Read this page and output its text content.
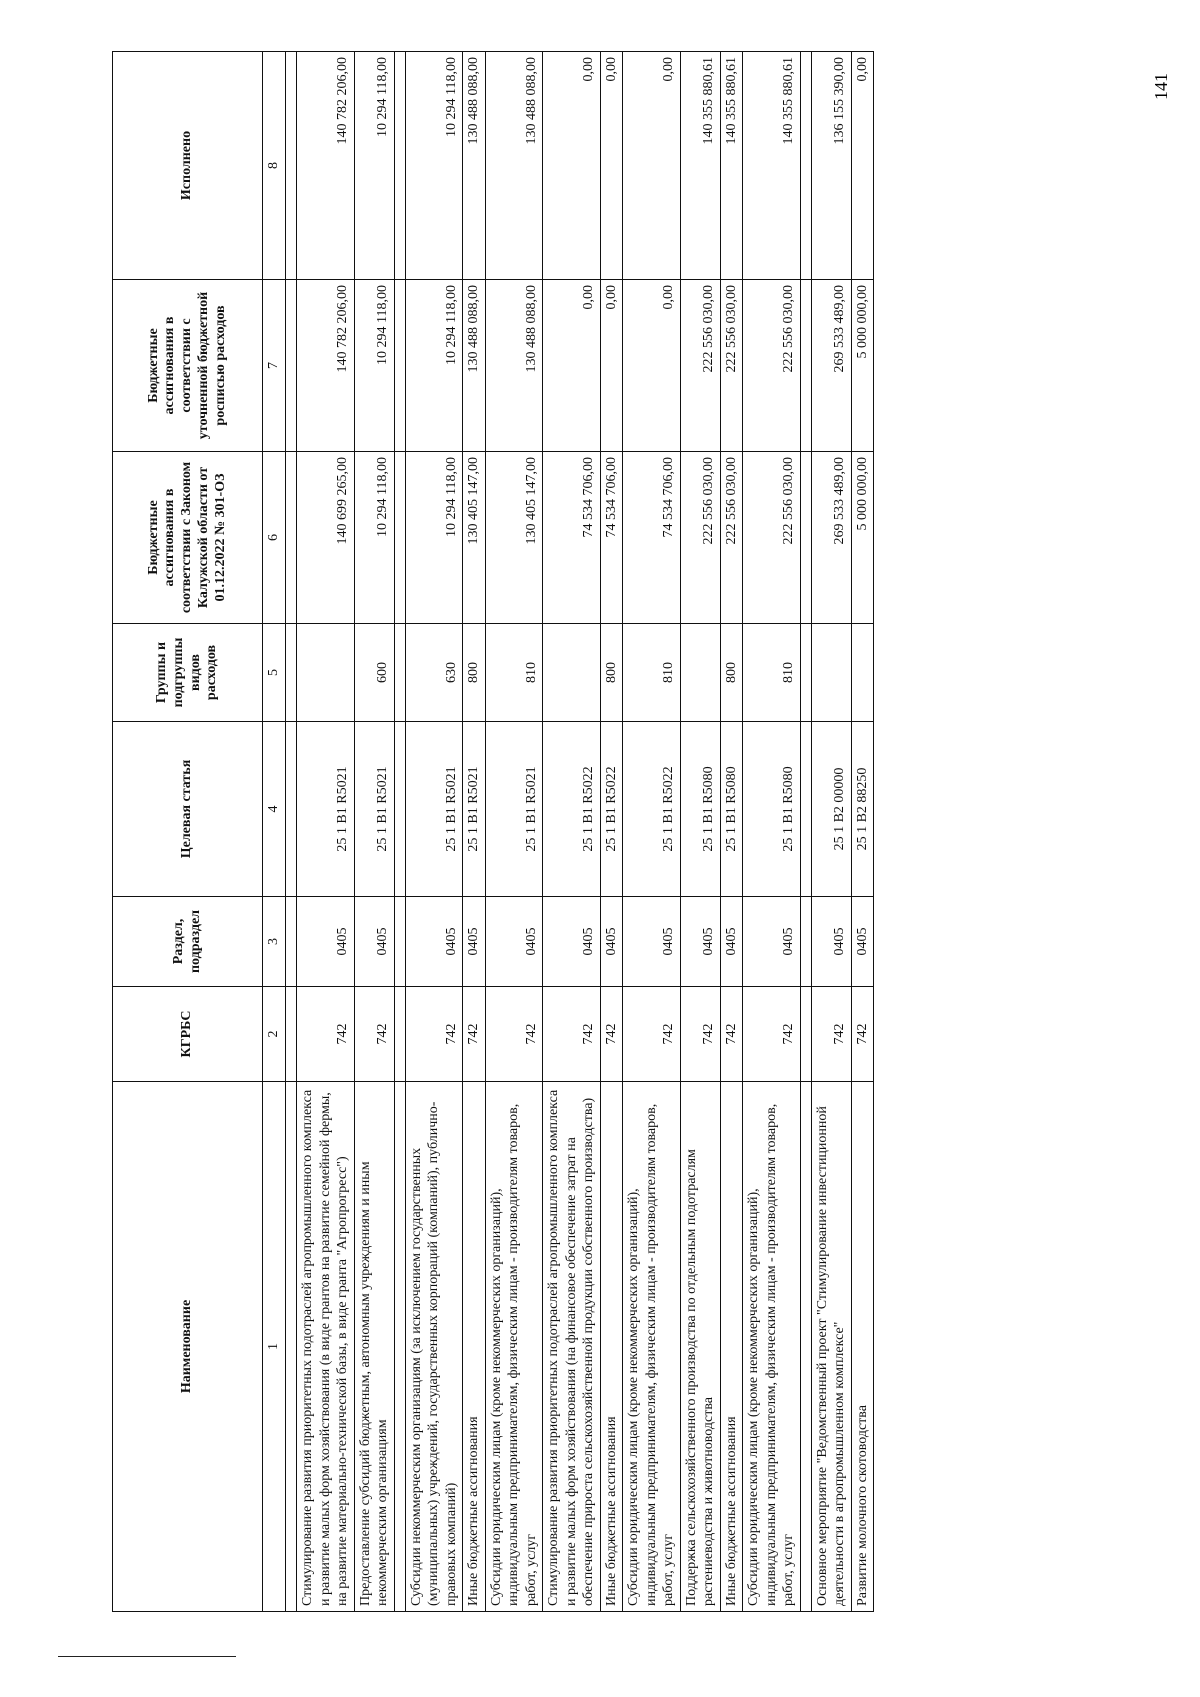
Наименование	КГРБС	Раздел, подраздел	Целевая статья	Группы и подгруппы видов расходов	Бюджетные ассигнования в соответствии с Законом Калужской области от 01.12.2022 № 301-ОЗ	Бюджетные ассигнования в соответствии с уточненной бюджетной росписью расходов	Исполнено
1	2	3	4	5	6	7	8

Стимулирование развития приоритетных подотраслей агропромышленного комплекса и развитие малых форм хозяйствования (в виде грантов на развитие семейной фермы, на развитие материально-технической базы, в виде гранта "Агропрогресс")	742	0405	25 1 B1 R5021		140 699 265,00	140 782 206,00	140 782 206,00
Предоставление субсидий бюджетным, автономным учреждениям и иным некоммерческим организациям	742	0405	25 1 B1 R5021	600	10 294 118,00	10 294 118,00	10 294 118,00

Субсидии некоммерческим организациям (за исключением государственных (муниципальных) учреждений, государственных корпораций (компаний), публично-правовых компаний)	742	0405	25 1 B1 R5021	630	10 294 118,00	10 294 118,00	10 294 118,00
Иные бюджетные ассигнования	742	0405	25 1 B1 R5021	800	130 405 147,00	130 488 088,00	130 488 088,00
Субсидии юридическим лицам (кроме некоммерческих организаций), индивидуальным предпринимателям, физическим лицам - производителям товаров, работ, услуг	742	0405	25 1 B1 R5021	810	130 405 147,00	130 488 088,00	130 488 088,00
Стимулирование развития приоритетных подотраслей агропромышленного комплекса и развитие малых форм хозяйствования (на финансовое обеспечение затрат на обеспечение прироста сельскохозяйственной продукции собственного производства)	742	0405	25 1 B1 R5022		74 534 706,00	0,00	0,00
Иные бюджетные ассигнования	742	0405	25 1 B1 R5022	800	74 534 706,00	0,00	0,00
Субсидии юридическим лицам (кроме некоммерческих организаций), индивидуальным предпринимателям, физическим лицам - производителям товаров, работ, услуг	742	0405	25 1 B1 R5022	810	74 534 706,00	0,00	0,00
Поддержка сельскохозяйственного производства по отдельным подотраслям растениеводства и животноводства	742	0405	25 1 B1 R5080		222 556 030,00	222 556 030,00	140 355 880,61
Иные бюджетные ассигнования	742	0405	25 1 B1 R5080	800	222 556 030,00	222 556 030,00	140 355 880,61
Субсидии юридическим лицам (кроме некоммерческих организаций), индивидуальным предпринимателям, физическим лицам - производителям товаров, работ, услуг	742	0405	25 1 B1 R5080	810	222 556 030,00	222 556 030,00	140 355 880,61

Основное мероприятие "Ведомственный проект "Стимулирование инвестиционной деятельности в агропромышленном комплексе"	742	0405	25 1 B2 00000		269 533 489,00	269 533 489,00	136 155 390,00
Развитие молочного скотоводства	742	0405	25 1 B2 88250		5 000 000,00	5 000 000,00	0,00
141
